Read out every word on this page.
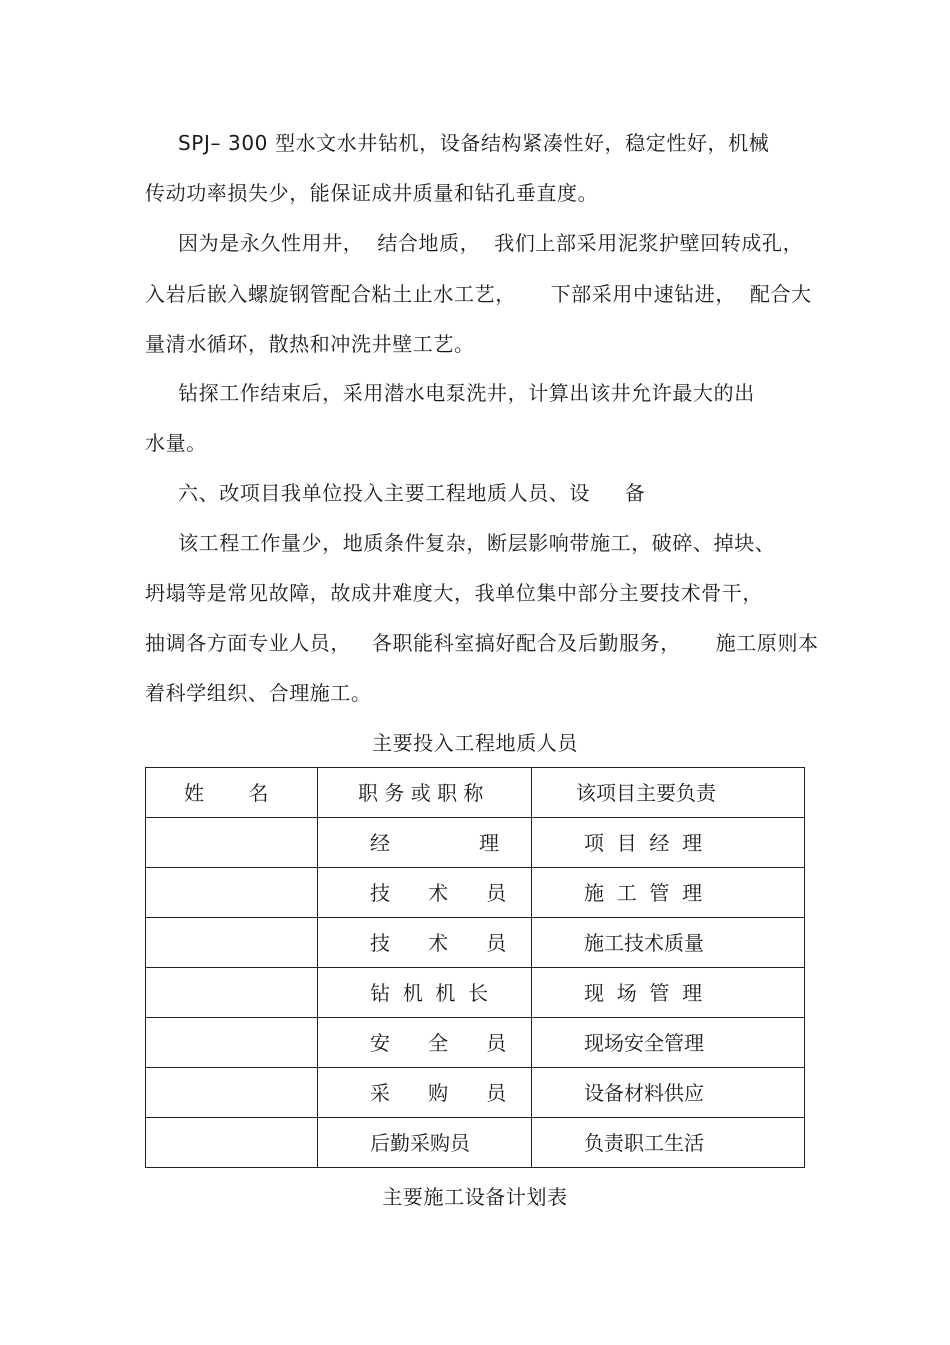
SPJ– 300 型水文水井钻机，设备结构紧凑性好，稳定性好，机械
传动功率损失少，能保证成井质量和钻孔垂直度。
因为是永久性用井，  结合地质，  我们上部采用泥浆护壁回转成孔，
入岩后嵌入螺旋钢管配合粘土止水工艺，     下部采用中速钻进，  配合大
量清水循环，散热和冲洗井壁工艺。
钻探工作结束后，采用潜水电泵洗井，计算出该井允许最大的出
水量。
六、改项目我单位投入主要工程地质人员、设     备
该工程工作量少，地质条件复杂，断层影响带施工，破碎、掉块、
坍塌等是常见故障，故成井难度大，我单位集中部分主要技术骨干，
抽调各方面专业人员，   各职能科室搞好配合及后勤服务，     施工原则本
着科学组织、合理施工。
主要投入工程地质人员
姓       名	职 务 或 职 称	该项目主要负责
	经              理	项  目  经  理
	技      术      员	施  工  管  理
	技      术      员	施工技术质量
	钻  机  机  长	现  场  管  理
	安      全      员	现场安全管理
	采      购      员	设备材料供应
	后勤采购员	负责职工生活
主要施工设备计划表
